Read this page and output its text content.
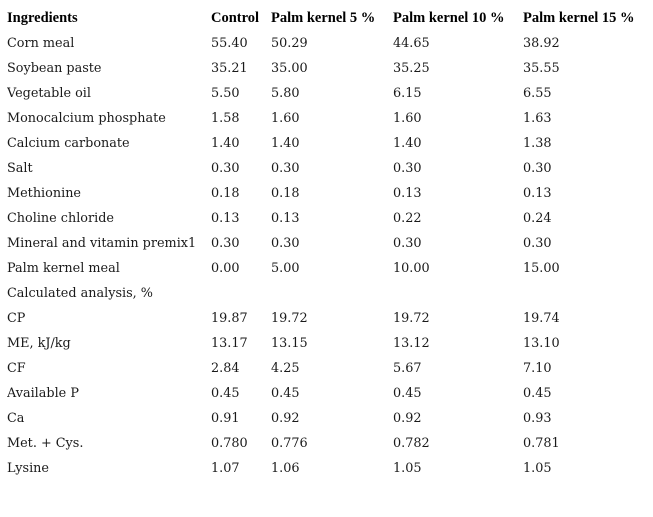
Ingredients	Control	Palm kernel 5 %	Palm kernel 10 %	Palm kernel 15 %
Corn meal	55.40	50.29	44.65	38.92
Soybean paste	35.21	35.00	35.25	35.55
Vegetable oil	5.50	5.80	6.15	6.55
Monocalcium phosphate	1.58	1.60	1.60	1.63
Calcium carbonate	1.40	1.40	1.40	1.38
Salt	0.30	0.30	0.30	0.30
Methionine	0.18	0.18	0.13	0.13
Choline chloride	0.13	0.13	0.22	0.24
Mineral and vitamin premix1	0.30	0.30	0.30	0.30
Palm kernel meal	0.00	5.00	10.00	15.00
Calculated analysis, %				
CP	19.87	19.72	19.72	19.74
ME, kJ/kg	13.17	13.15	13.12	13.10
CF	2.84	4.25	5.67	7.10
Available P	0.45	0.45	0.45	0.45
Ca	0.91	0.92	0.92	0.93
Met. + Cys.	0.780	0.776	0.782	0.781
Lysine	1.07	1.06	1.05	1.05
